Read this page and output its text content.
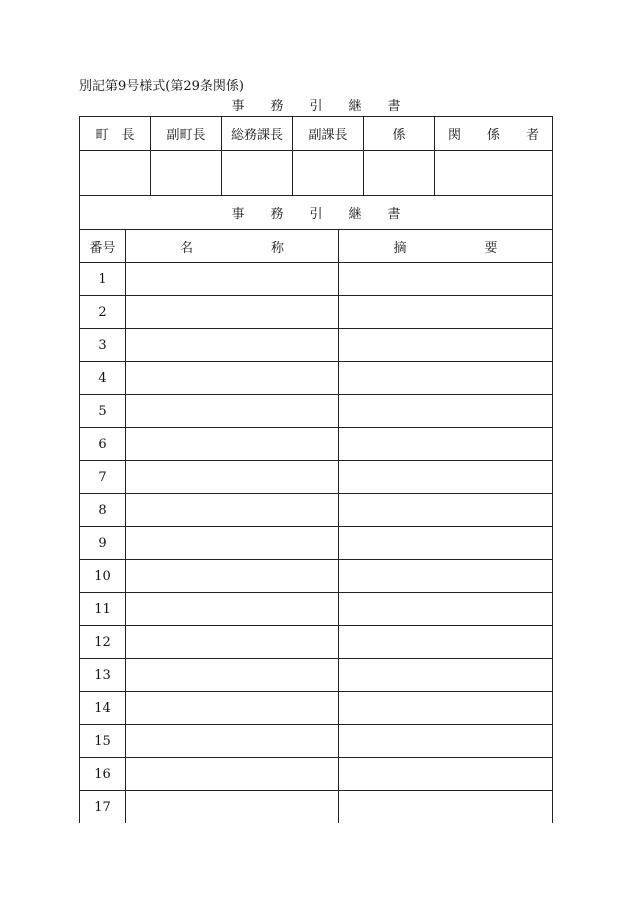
別記第9号様式(第29条関係)
事　　務　　引　　継　　書
町　長	副町長	総務課長	副課長	係	関　　係　　者

事　　務　　引　　継　　書		
番号	名　　　　　　称	摘　　　　　　要
1		
2		
3		
4		
5		
6		
7		
8		
9		
10		
11		
12		
13		
14		
15		
16		
17		
